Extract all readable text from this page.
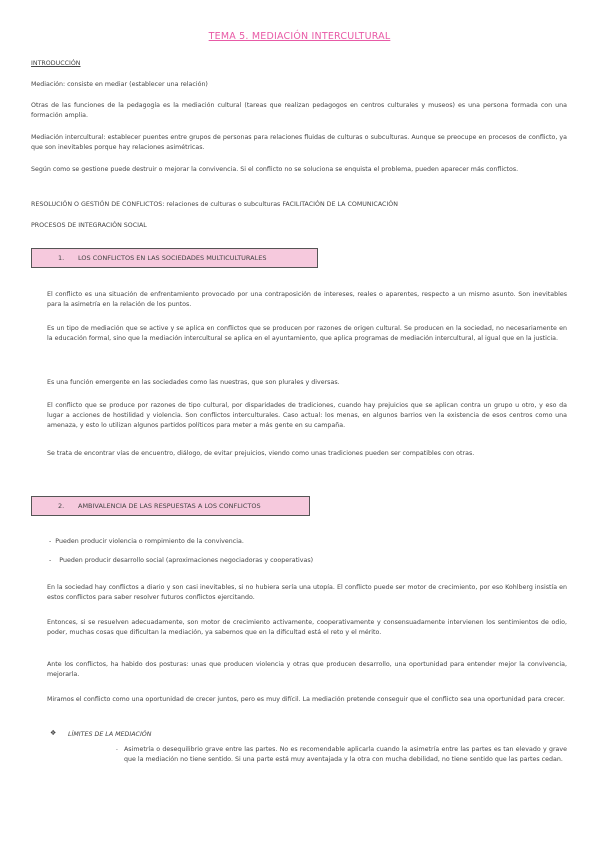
TEMA 5. MEDIACIÓN INTERCULTURAL
INTRODUCCIÓN

Mediación: consiste en mediar (establecer una relación)

Otras de las funciones de la pedagogía es la mediación cultural (tareas que realizan pedagogos en centros culturales y museos) es una persona formada con una formación amplia.

Mediación intercultural: establecer puentes entre grupos de personas para relaciones fluidas de culturas o subculturas. Aunque se preocupe en procesos de conflicto, ya que son inevitables porque hay relaciones asimétricas.

Según como se gestione puede destruir o mejorar la convivencia. Si el conflicto no se soluciona se enquista el problema, pueden aparecer más conflictos.

RESOLUCIÓN O GESTIÓN DE CONFLICTOS: relaciones de culturas o subculturas FACILITACIÓN DE LA COMUNICACIÓN

PROCESOS DE INTEGRACIÓN SOCIAL

1. LOS CONFLICTOS EN LAS SOCIEDADES MULTICULTURALES

El conflicto es una situación de enfrentamiento provocado por una contraposición de intereses, reales o aparentes, respecto a un mismo asunto. Son inevitables para la asimetría en la relación de los puntos.

Es un tipo de mediación que se active y se aplica en conflictos que se producen por razones de origen cultural. Se producen en la sociedad, no necesariamente en la educación formal, sino que la mediación intercultural se aplica en el ayuntamiento, que aplica programas de mediación intercultural, al igual que en la justicia.

Es una función emergente en las sociedades como las nuestras, que son plurales y diversas.

El conflicto que se produce por razones de tipo cultural, por disparidades de tradiciones, cuando hay prejuicios que se aplican contra un grupo u otro, y eso da lugar a acciones de hostilidad y violencia. Son conflictos interculturales. Caso actual: los menas, en algunos barrios ven la existencia de esos centros como una amenaza, y esto lo utilizan algunos partidos políticos para meter a más gente en su campaña.

Se trata de encontrar vías de encuentro, diálogo, de evitar prejuicios, viendo como unas tradiciones pueden ser compatibles con otras.

2. AMBIVALENCIA DE LAS RESPUESTAS A LOS CONFLICTOS
-  Pueden producir violencia o rompimiento de la convivencia.
-    Pueden producir desarrollo social (aproximaciones negociadoras y cooperativas)

En la sociedad hay conflictos a diario y son casi inevitables, si no hubiera sería una utopía. El conflicto puede ser motor de crecimiento, por eso Kohlberg insistía en estos conflictos para saber resolver futuros conflictos ejercitando.

Entonces, si se resuelven adecuadamente, son motor de crecimiento activamente, cooperativamente y consensuadamente intervienen los sentimientos de odio, poder, muchas cosas que dificultan la mediación, ya sabemos que en la dificultad está el reto y el mérito.

Ante los conflictos, ha habido dos posturas: unas que producen violencia y otras que producen desarrollo, una oportunidad para entender mejor la convivencia, mejorarla.

Miramos el conflicto como una oportunidad de crecer juntos, pero es muy difícil. La mediación pretende conseguir que el conflicto sea una oportunidad para crecer.

❖ LÍMITES DE LA MEDIACIÓN
‑ Asimetría o desequilibrio grave entre las partes. No es recomendable aplicarla cuando la asimetría entre las partes es tan elevado y grave que la mediación no tiene sentido. Si una parte está muy aventajada y la otra con mucha debilidad, no tiene sentido que las partes cedan.
